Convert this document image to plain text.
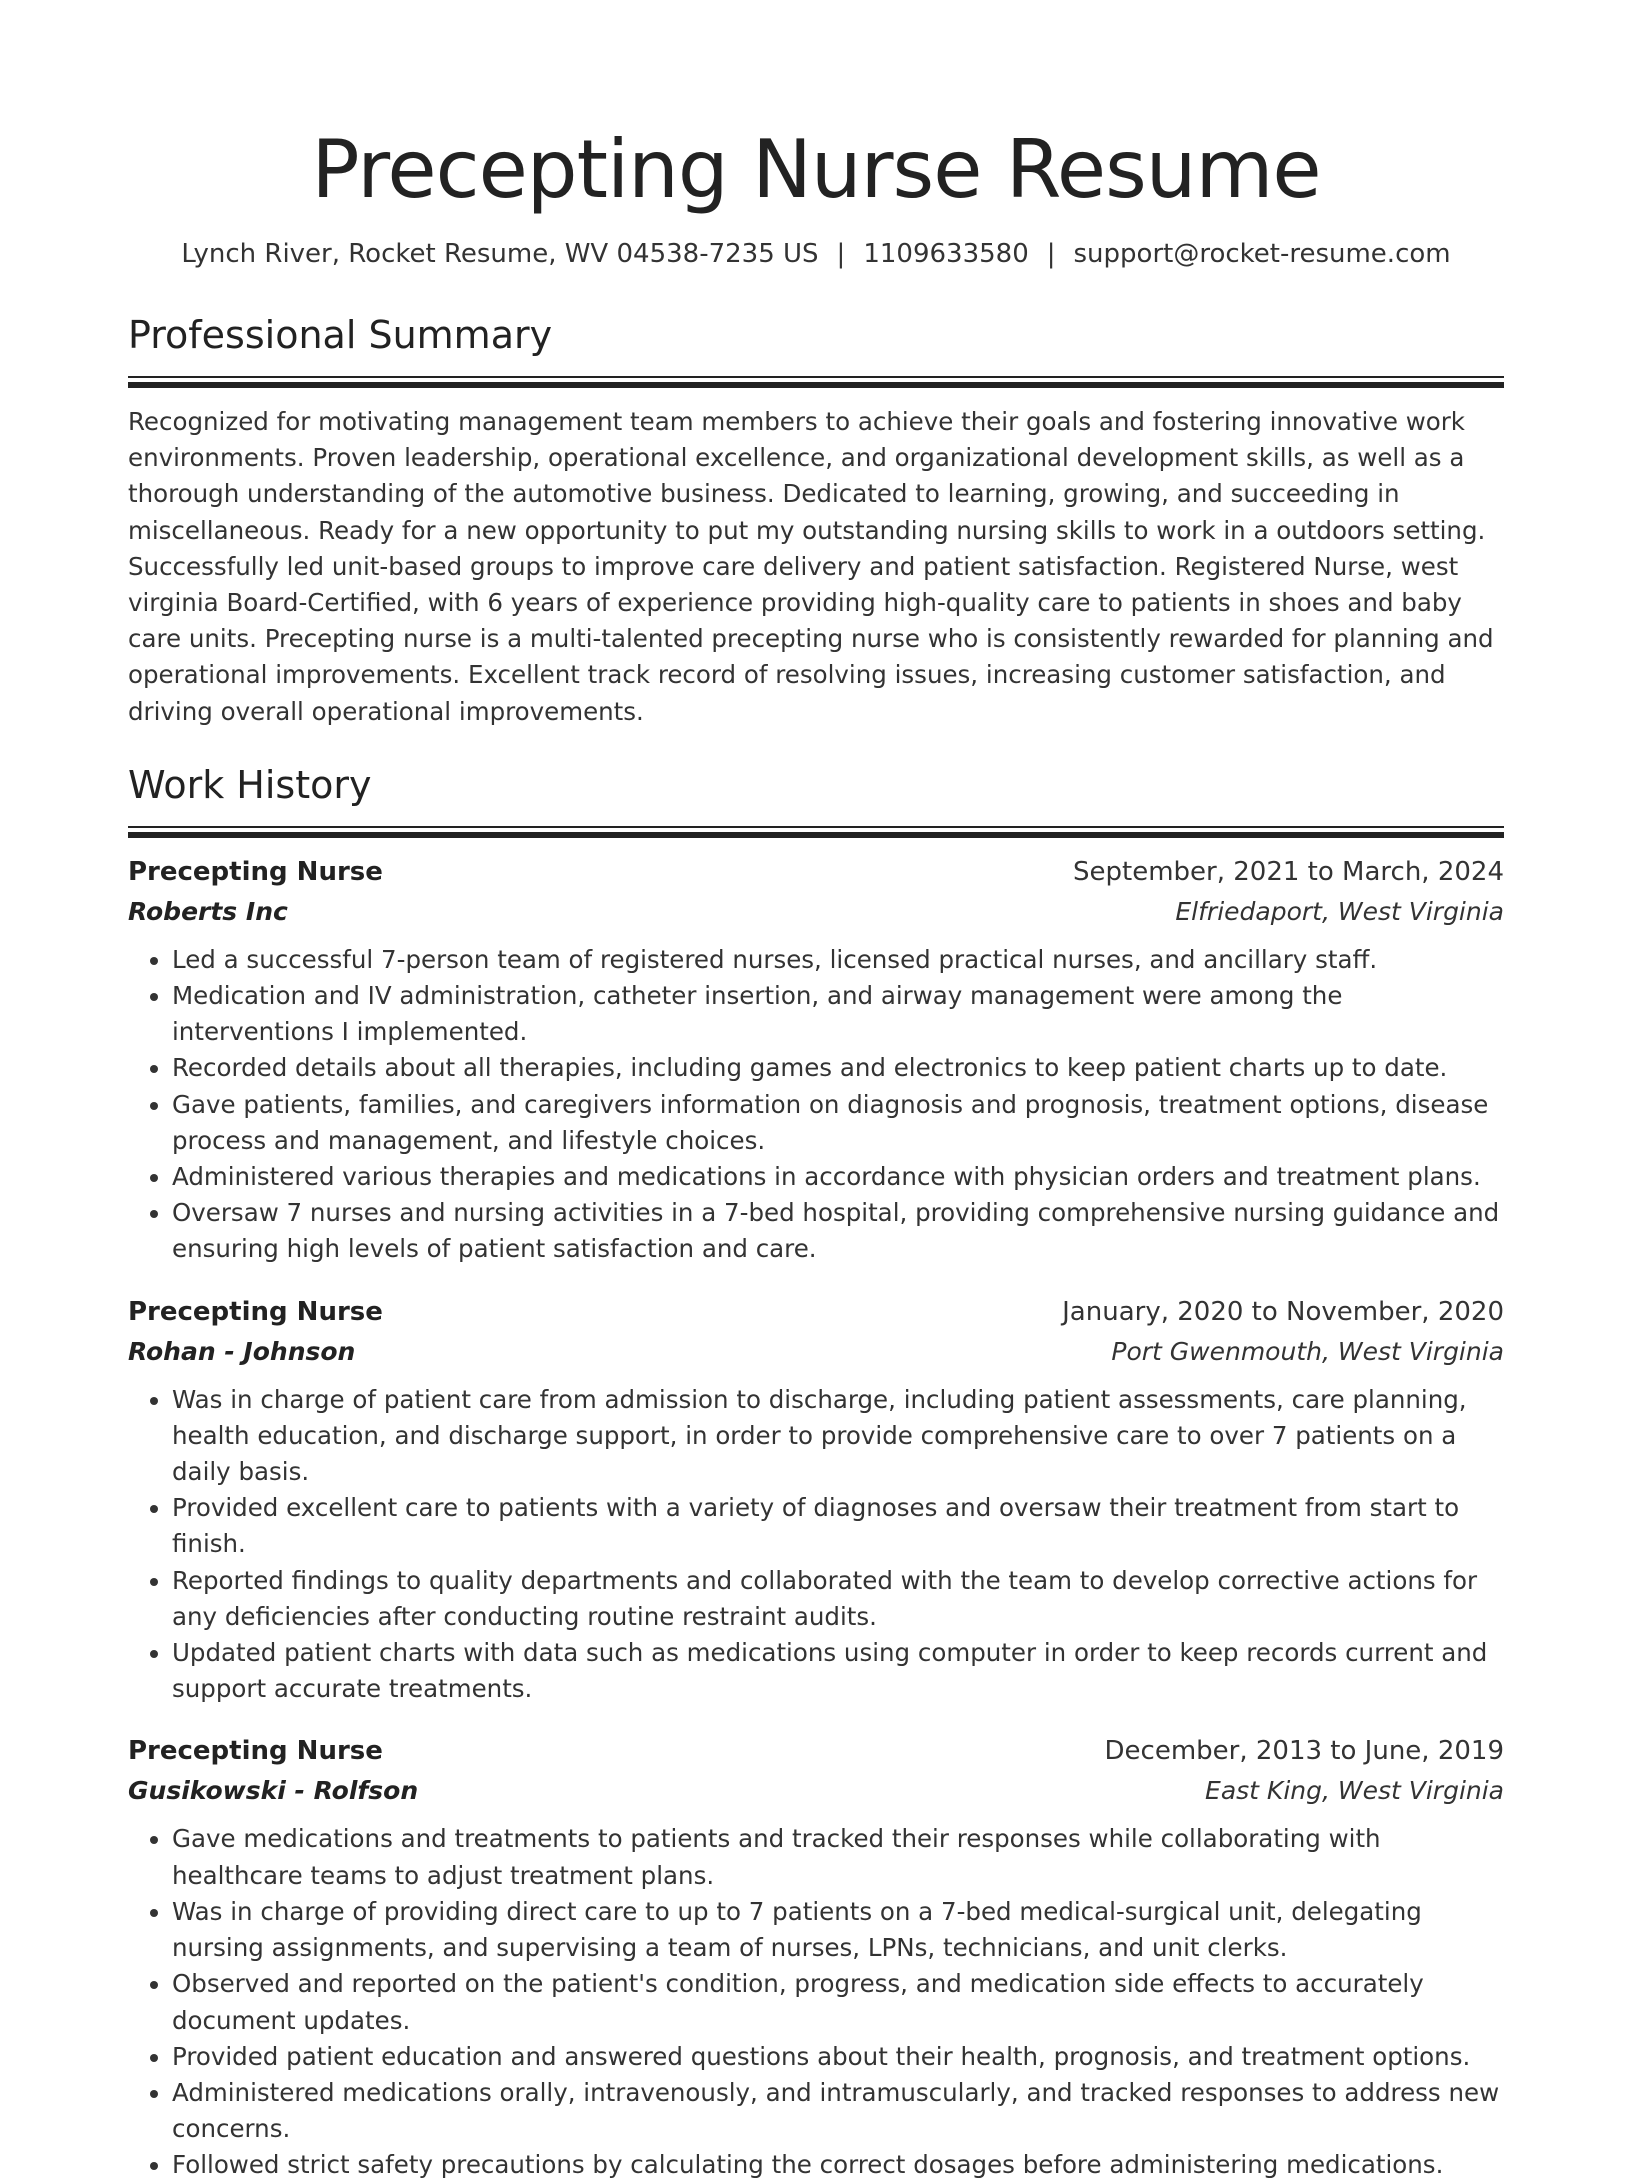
Precepting Nurse Resume
Lynch River, Rocket Resume, WV 04538-7235 US | 1109633580 | support@rocket-resume.com
Professional Summary
Recognized for motivating management team members to achieve their goals and fostering innovative work environments. Proven leadership, operational excellence, and organizational development skills, as well as a thorough understanding of the automotive business. Dedicated to learning, growing, and succeeding in miscellaneous. Ready for a new opportunity to put my outstanding nursing skills to work in a outdoors setting. Successfully led unit-based groups to improve care delivery and patient satisfaction. Registered Nurse, west virginia Board-Certified, with 6 years of experience providing high-quality care to patients in shoes and baby care units. Precepting nurse is a multi-talented precepting nurse who is consistently rewarded for planning and operational improvements. Excellent track record of resolving issues, increasing customer satisfaction, and driving overall operational improvements.
Work History
Precepting Nurse	September, 2021 to March, 2024
Roberts Inc	Elfriedaport, West Virginia
• Led a successful 7-person team of registered nurses, licensed practical nurses, and ancillary staff.
• Medication and IV administration, catheter insertion, and airway management were among the interventions I implemented.
• Recorded details about all therapies, including games and electronics to keep patient charts up to date.
• Gave patients, families, and caregivers information on diagnosis and prognosis, treatment options, disease process and management, and lifestyle choices.
• Administered various therapies and medications in accordance with physician orders and treatment plans.
• Oversaw 7 nurses and nursing activities in a 7-bed hospital, providing comprehensive nursing guidance and ensuring high levels of patient satisfaction and care.
Precepting Nurse	January, 2020 to November, 2020
Rohan - Johnson	Port Gwenmouth, West Virginia
• Was in charge of patient care from admission to discharge, including patient assessments, care planning, health education, and discharge support, in order to provide comprehensive care to over 7 patients on a daily basis.
• Provided excellent care to patients with a variety of diagnoses and oversaw their treatment from start to finish.
• Reported findings to quality departments and collaborated with the team to develop corrective actions for any deficiencies after conducting routine restraint audits.
• Updated patient charts with data such as medications using computer in order to keep records current and support accurate treatments.
Precepting Nurse	December, 2013 to June, 2019
Gusikowski - Rolfson	East King, West Virginia
• Gave medications and treatments to patients and tracked their responses while collaborating with healthcare teams to adjust treatment plans.
• Was in charge of providing direct care to up to 7 patients on a 7-bed medical-surgical unit, delegating nursing assignments, and supervising a team of nurses, LPNs, technicians, and unit clerks.
• Observed and reported on the patient's condition, progress, and medication side effects to accurately document updates.
• Provided patient education and answered questions about their health, prognosis, and treatment options.
• Administered medications orally, intravenously, and intramuscularly, and tracked responses to address new concerns.
• Followed strict safety precautions by calculating the correct dosages before administering medications.
